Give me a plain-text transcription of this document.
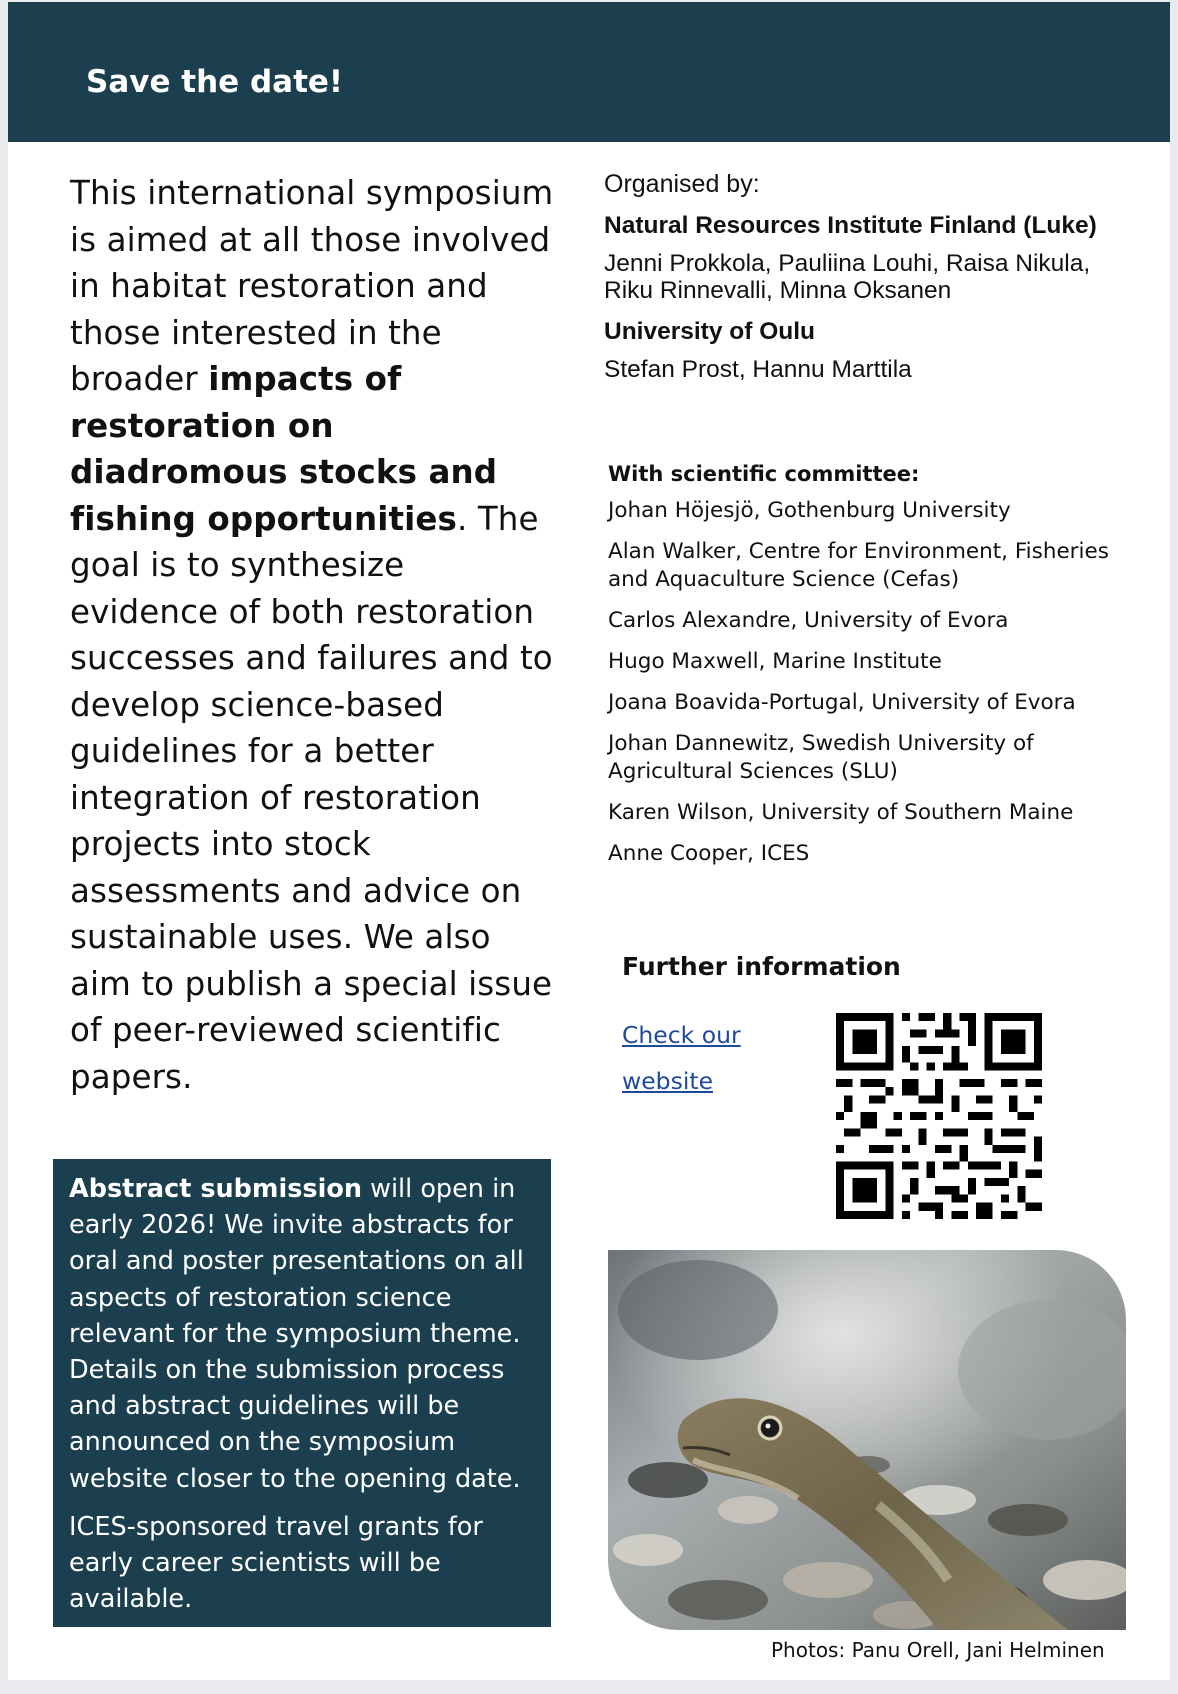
Save the date!
This international symposium is aimed at all those involved in habitat restoration and those interested in the broader impacts of restoration on diadromous stocks and fishing opportunities. The goal is to synthesize evidence of both restoration successes and failures and to develop science-based guidelines for a better integration of restoration projects into stock assessments and advice on sustainable uses. We also aim to publish a special issue of peer-reviewed scientific papers.

Abstract submission will open in early 2026! We invite abstracts for oral and poster presentations on all aspects of restoration science relevant for the symposium theme. Details on the submission process and abstract guidelines will be announced on the symposium website closer to the opening date.

ICES-sponsored travel grants for early career scientists will be available.

Organised by:
Natural Resources Institute Finland (Luke)
Jenni Prokkola, Pauliina Louhi, Raisa Nikula, Riku Rinnevalli, Minna Oksanen
University of Oulu
Stefan Prost, Hannu Marttila
With scientific committee:
Johan Höjesjö, Gothenburg University
Alan Walker, Centre for Environment, Fisheries and Aquaculture Science (Cefas)
Carlos Alexandre, University of Evora
Hugo Maxwell, Marine Institute
Joana Boavida-Portugal, University of Evora
Johan Dannewitz, Swedish University of Agricultural Sciences (SLU)
Karen Wilson, University of Southern Maine
Anne Cooper, ICES
Further information
Check our website
Photos: Panu Orell, Jani Helminen
